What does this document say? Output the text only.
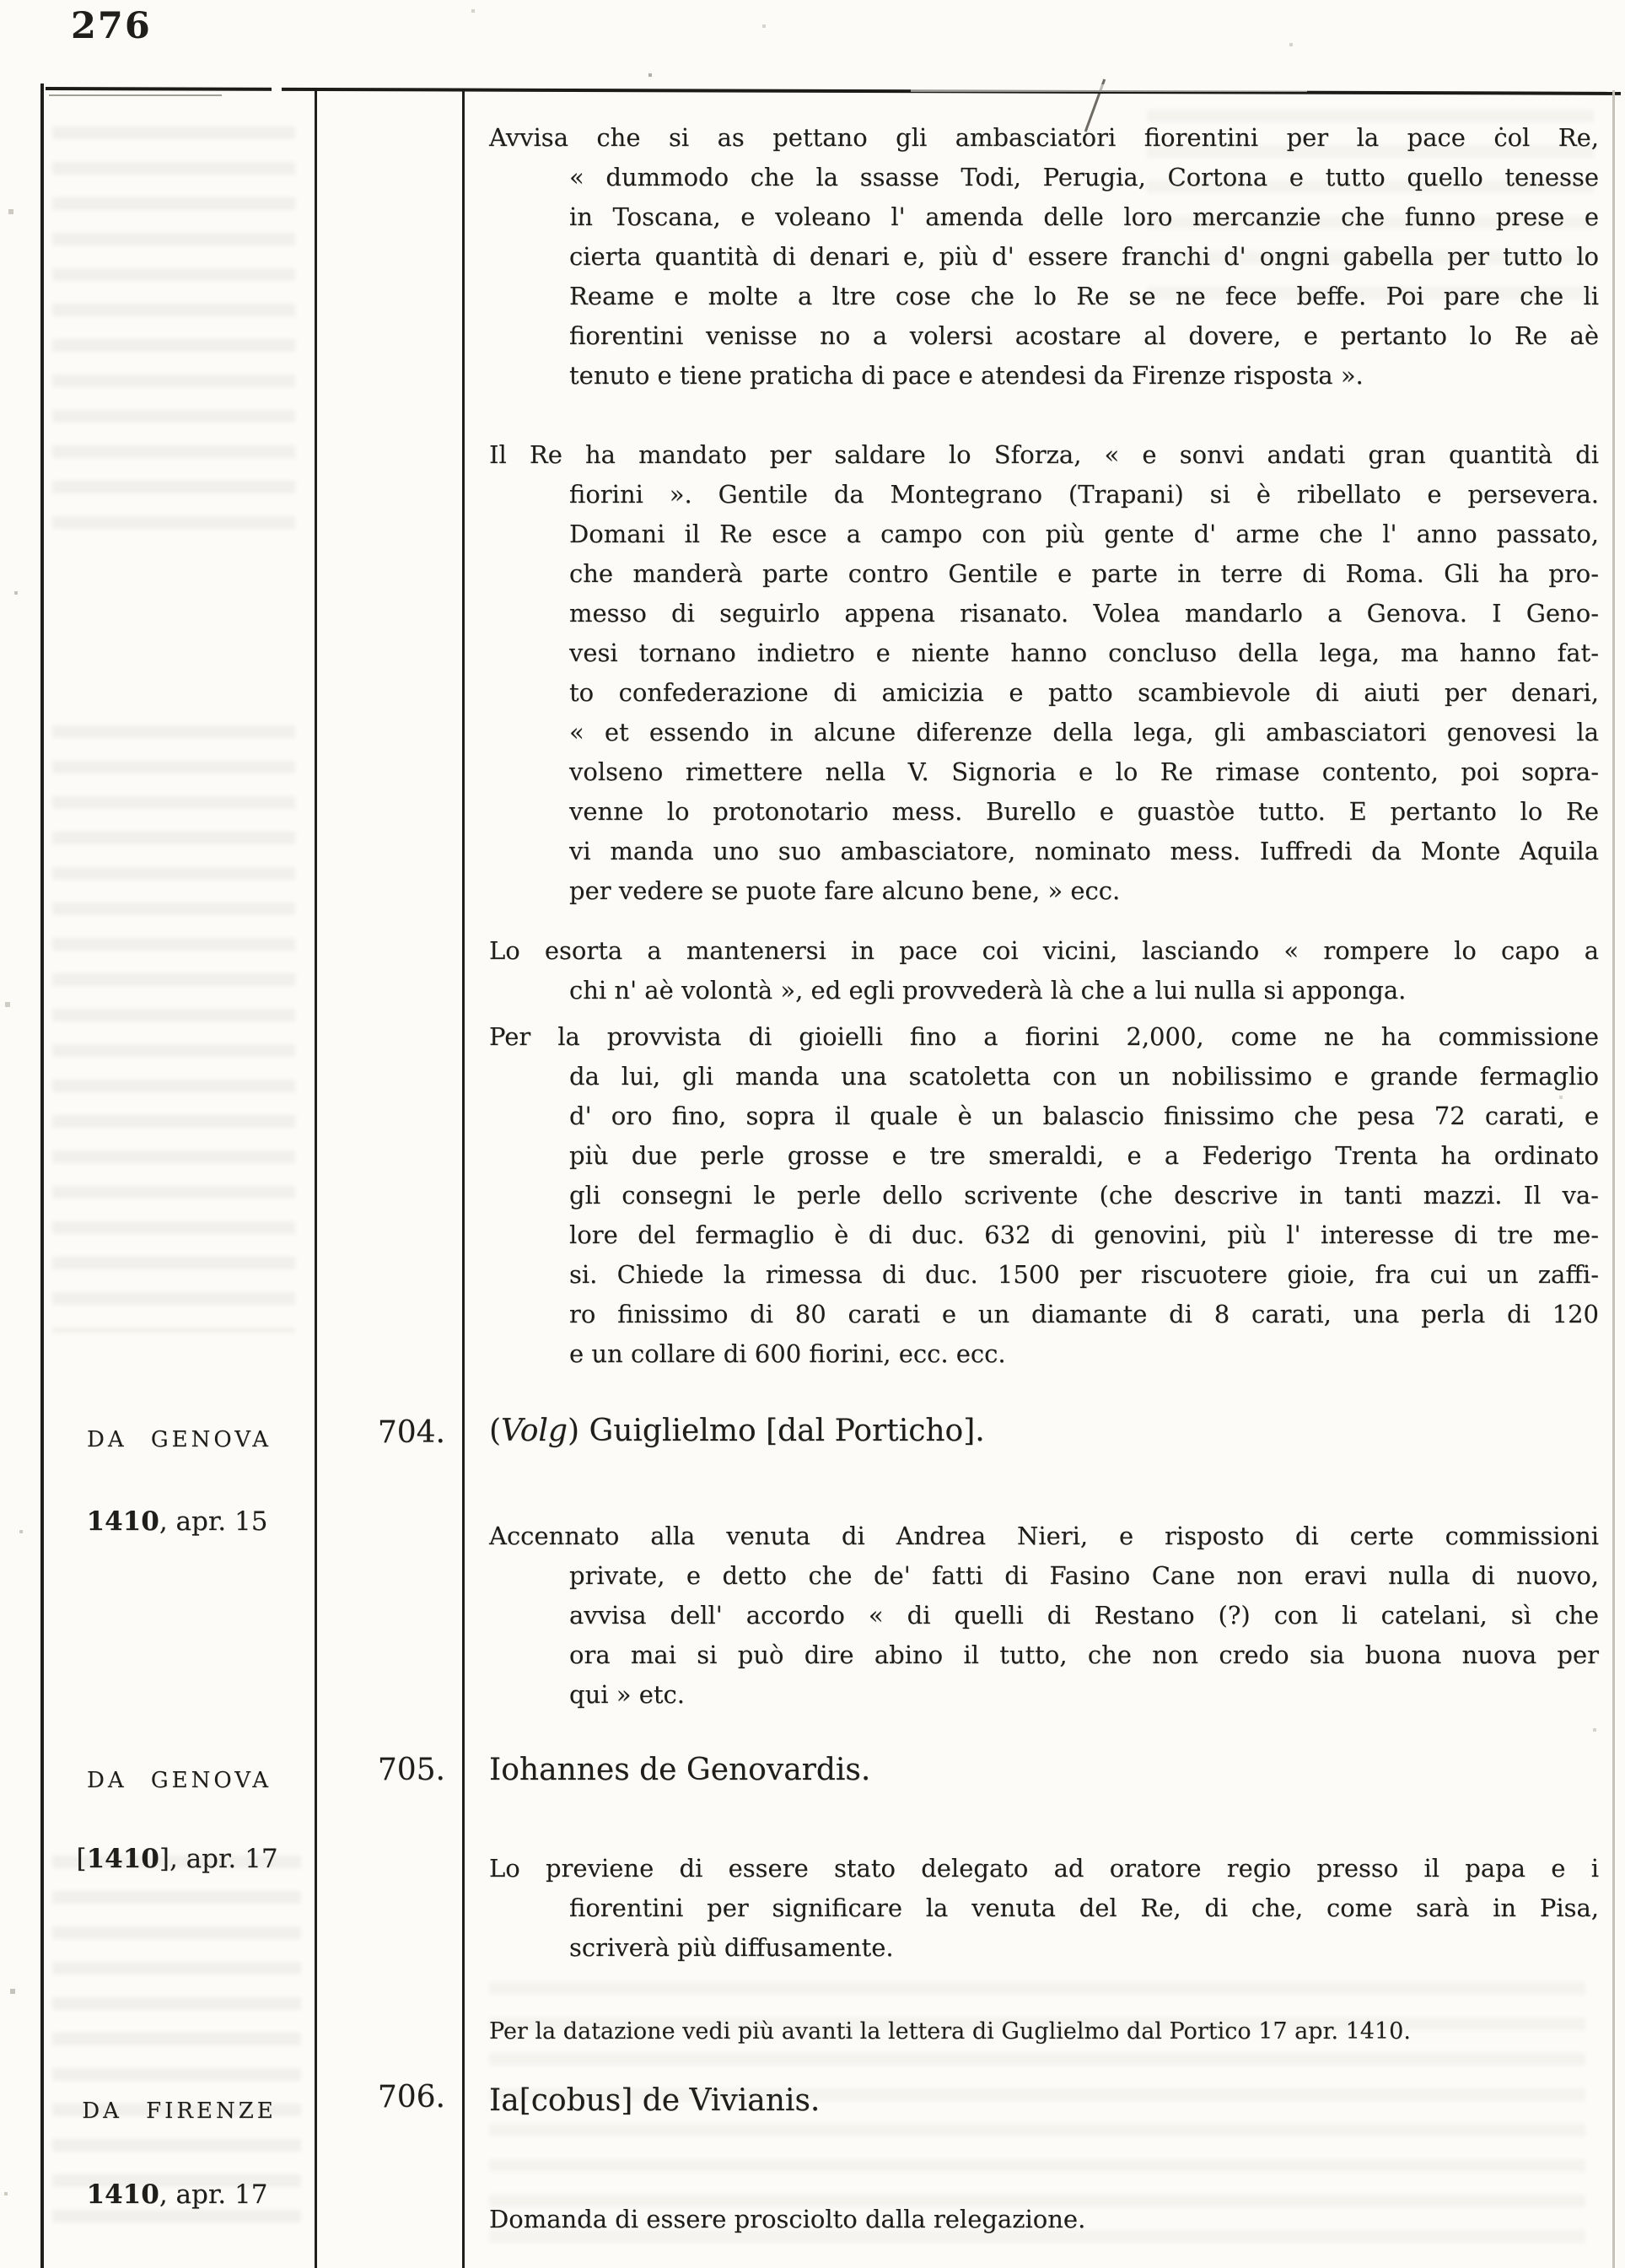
276
Avvisa che si as pettano gli ambasciatori fiorentini per la pace ċol Re,
« dummodo che la ssasse Todi, Perugia, Cortona e tutto quello tenesse
in Toscana, e voleano l' amenda delle loro mercanzie che funno prese e
cierta quantità di denari e, più d' essere franchi d' ongni gabella per tutto lo
Reame e molte a ltre cose che lo Re se ne fece beffe. Poi pare che li
fiorentini venisse no a volersi acostare al dovere, e pertanto lo Re aè
tenuto e tiene praticha di pace e atendesi da Firenze risposta ».
Il Re ha mandato per saldare lo Sforza, « e sonvi andati gran quantità di
fiorini ». Gentile da Montegrano (Trapani) si è ribellato e persevera.
Domani il Re esce a campo con più gente d' arme che l' anno passato,
che manderà parte contro Gentile e parte in terre di Roma. Gli ha pro-
messo di seguirlo appena risanato. Volea mandarlo a Genova. I Geno-
vesi tornano indietro e niente hanno concluso della lega, ma hanno fat-
to confederazione di amicizia e patto scambievole di aiuti per denari,
« et essendo in alcune diferenze della lega, gli ambasciatori genovesi la
volseno rimettere nella V. Signoria e lo Re rimase contento, poi sopra-
venne lo protonotario mess. Burello e guastòe tutto. E pertanto lo Re
vi manda uno suo ambasciatore, nominato mess. Iuffredi da Monte Aquila
per vedere se puote fare alcuno bene, » ecc.
Lo esorta a mantenersi in pace coi vicini, lasciando « rompere lo capo a
chi n' aè volontà », ed egli provvederà là che a lui nulla si apponga.
Per la provvista di gioielli fino a fiorini 2,000, come ne ha commissione
da lui, gli manda una scatoletta con un nobilissimo e grande fermaglio
d' oro fino, sopra il quale è un balascio finissimo che pesa 72 carati, e
più due perle grosse e tre smeraldi, e a Federigo Trenta ha ordinato
gli consegni le perle dello scrivente (che descrive in tanti mazzi. Il va-
lore del fermaglio è di duc. 632 di genovini, più l' interesse di tre me-
si. Chiede la rimessa di duc. 1500 per riscuotere gioie, fra cui un zaffi-
ro finissimo di 80 carati e un diamante di 8 carati, una perla di 120
e un collare di 600 fiorini, ecc. ecc.
DA GENOVA	704. (Volg) Guiglielmo [dal Porticho].
1410, apr. 15	Accennato alla venuta di Andrea Nieri, e risposto di certe commissioni
private, e detto che de' fatti di Fasino Cane non eravi nulla di nuovo,
avvisa dell' accordo « di quelli di Restano (?) con li catelani, sì che
ora mai si può dire abino il tutto, che non credo sia buona nuova per
qui » etc.
DA GENOVA	705. Iohannes de Genovardis.
[1410], apr. 17	Lo previene di essere stato delegato ad oratore regio presso il papa e i
fiorentini per significare la venuta del Re, di che, come sarà in Pisa,
scriverà più diffusamente.
Per la datazione vedi più avanti la lettera di Guglielmo dal Portico 17 apr. 1410.
DA FIRENZE	706. Ia[cobus] de Vivianis.
1410, apr. 17
Domanda di essere prosciolto dalla relegazione.
